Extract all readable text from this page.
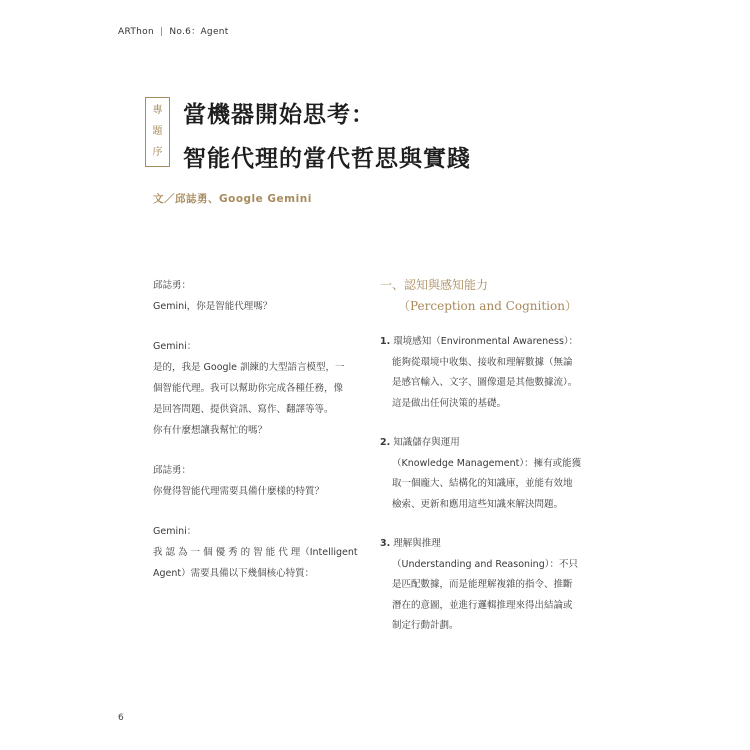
ARThon | No.6：Agent
專
題
序
當機器開始思考：
智能代理的當代哲思與實踐
文／邱誌勇、Google Gemini

邱誌勇：

Gemini，你是智能代理嗎？

Gemini：

是的，我是 Google 訓練的大型語言模型，一

個智能代理。我可以幫助你完成各種任務，像

是回答問題、提供資訊、寫作、翻譯等等。

你有什麼想讓我幫忙的嗎？

邱誌勇：

你覺得智能代理需要具備什麼樣的特質？

Gemini：

我 認 為 一 個 優 秀 的 智 能 代 理（Intelligent

Agent）需要具備以下幾個核心特質：

一、認知與感知能力
（Perception and Cognition）

1. 環境感知（Environmental Awareness）：

能夠從環境中收集、接收和理解數據（無論

是感官輸入、文字、圖像還是其他數據流）。

這是做出任何決策的基礎。

2. 知識儲存與運用

（Knowledge Management）：擁有或能獲

取一個龐大、結構化的知識庫，並能有效地

檢索、更新和應用這些知識來解決問題。

3. 理解與推理

（Understanding and Reasoning）：不只

是匹配數據，而是能理解複雜的指令、推斷

潛在的意圖，並進行邏輯推理來得出結論或

制定行動計劃。

6
